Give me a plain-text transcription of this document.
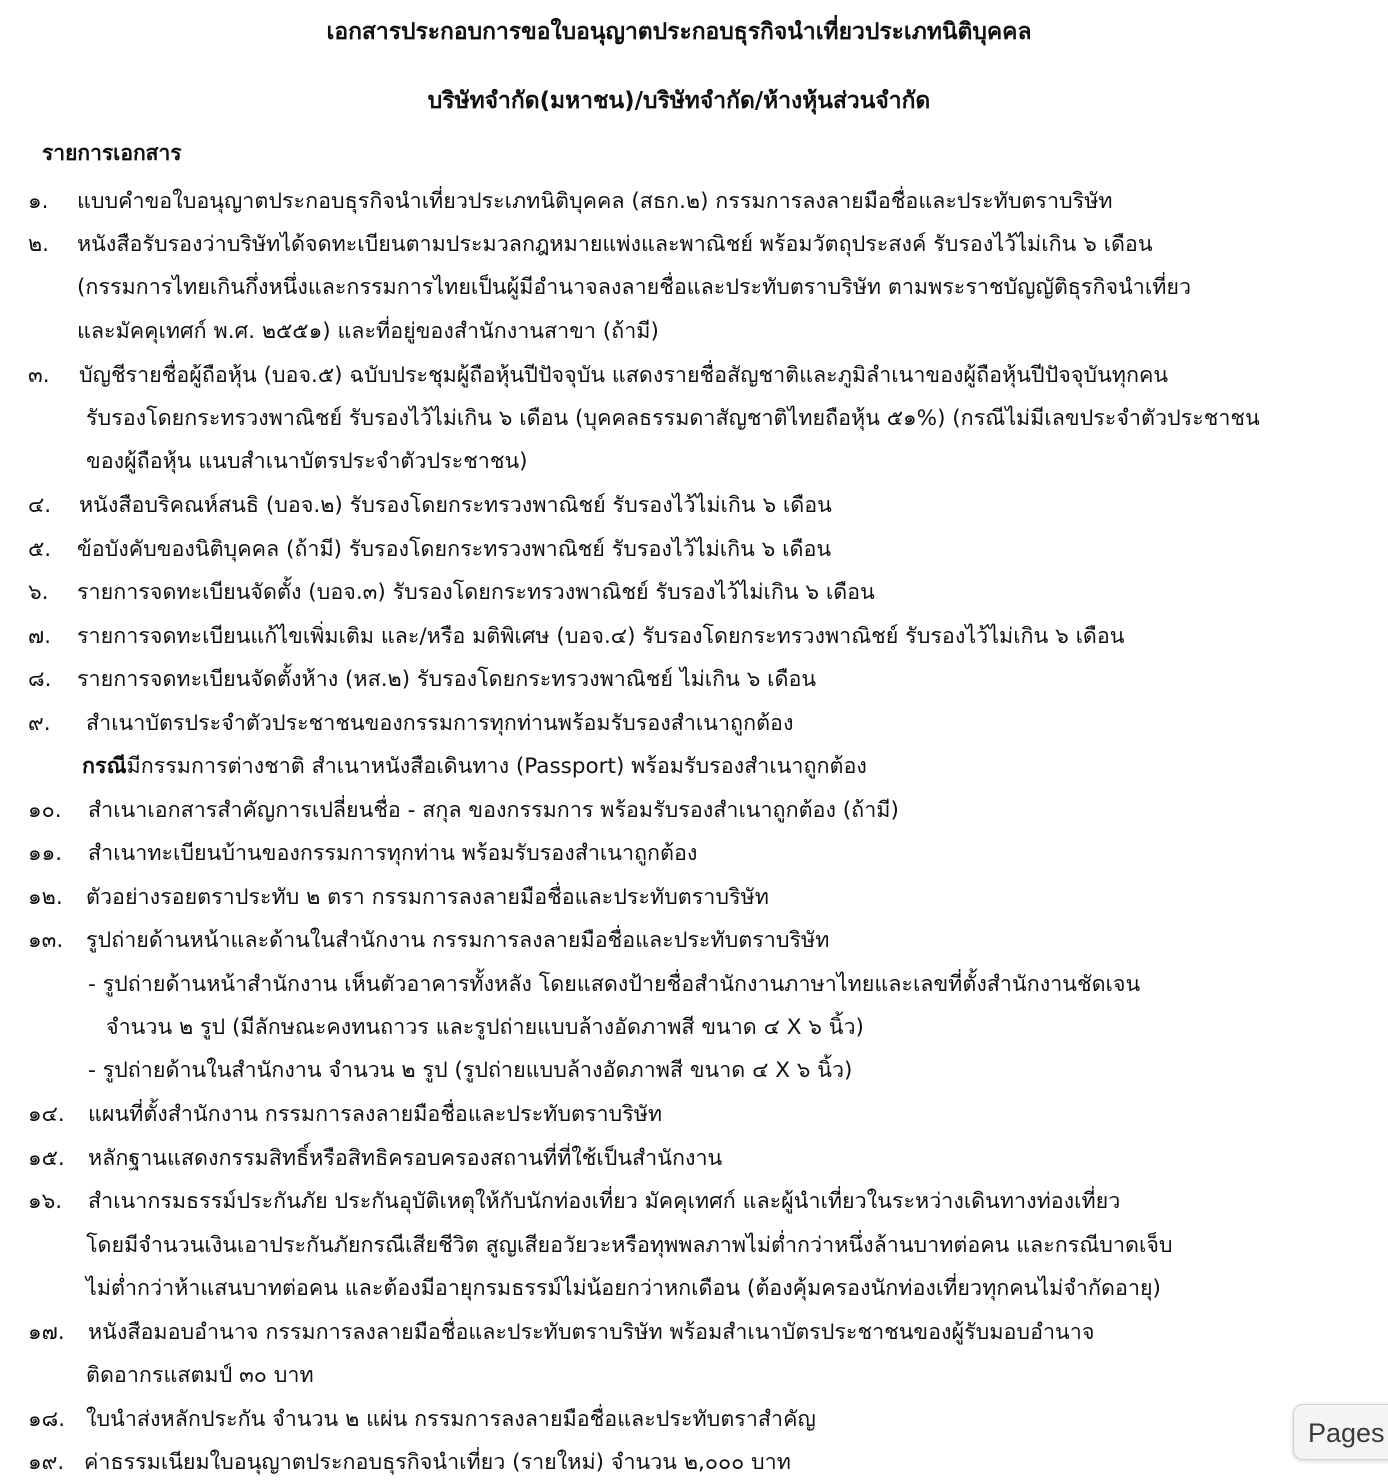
เอกสารประกอบการขอใบอนุญาตประกอบธุรกิจนำเที่ยวประเภทนิติบุคคล
บริษัทจำกัด(มหาชน)/บริษัทจำกัด/ห้างหุ้นส่วนจำกัด
รายการเอกสาร
๑. แบบคำขอใบอนุญาตประกอบธุรกิจนำเที่ยวประเภทนิติบุคคล (สธก.๒) กรรมการลงลายมือชื่อและประทับตราบริษัท
๒. หนังสือรับรองว่าบริษัทได้จดทะเบียนตามประมวลกฎหมายแพ่งและพาณิชย์ พร้อมวัตถุประสงค์ รับรองไว้ไม่เกิน ๖ เดือน
(กรรมการไทยเกินกึ่งหนึ่งและกรรมการไทยเป็นผู้มีอำนาจลงลายชื่อและประทับตราบริษัท ตามพระราชบัญญัติธุรกิจนำเที่ยว
และมัคคุเทศก์ พ.ศ. ๒๕๕๑) และที่อยู่ของสำนักงานสาขา (ถ้ามี)
๓. บัญชีรายชื่อผู้ถือหุ้น (บอจ.๕) ฉบับประชุมผู้ถือหุ้นปีปัจจุบัน แสดงรายชื่อสัญชาติและภูมิลำเนาของผู้ถือหุ้นปีปัจจุบันทุกคน
รับรองโดยกระทรวงพาณิชย์ รับรองไว้ไม่เกิน ๖ เดือน (บุคคลธรรมดาสัญชาติไทยถือหุ้น ๕๑%) (กรณีไม่มีเลขประจำตัวประชาชน
ของผู้ถือหุ้น แนบสำเนาบัตรประจำตัวประชาชน)
๔. หนังสือบริคณห์สนธิ (บอจ.๒) รับรองโดยกระทรวงพาณิชย์ รับรองไว้ไม่เกิน ๖ เดือน
๕. ข้อบังคับของนิติบุคคล (ถ้ามี) รับรองโดยกระทรวงพาณิชย์ รับรองไว้ไม่เกิน ๖ เดือน
๖. รายการจดทะเบียนจัดตั้ง (บอจ.๓) รับรองโดยกระทรวงพาณิชย์ รับรองไว้ไม่เกิน ๖ เดือน
๗. รายการจดทะเบียนแก้ไขเพิ่มเติม และ/หรือ มติพิเศษ (บอจ.๔) รับรองโดยกระทรวงพาณิชย์ รับรองไว้ไม่เกิน ๖ เดือน
๘. รายการจดทะเบียนจัดตั้งห้าง (หส.๒) รับรองโดยกระทรวงพาณิชย์ ไม่เกิน ๖ เดือน
๙. สำเนาบัตรประจำตัวประชาชนของกรรมการทุกท่านพร้อมรับรองสำเนาถูกต้อง
กรณีมีกรรมการต่างชาติ สำเนาหนังสือเดินทาง (Passport) พร้อมรับรองสำเนาถูกต้อง
๑๐. สำเนาเอกสารสำคัญการเปลี่ยนชื่อ - สกุล ของกรรมการ พร้อมรับรองสำเนาถูกต้อง (ถ้ามี)
๑๑. สำเนาทะเบียนบ้านของกรรมการทุกท่าน พร้อมรับรองสำเนาถูกต้อง
๑๒. ตัวอย่างรอยตราประทับ ๒ ตรา กรรมการลงลายมือชื่อและประทับตราบริษัท
๑๓. รูปถ่ายด้านหน้าและด้านในสำนักงาน กรรมการลงลายมือชื่อและประทับตราบริษัท
- รูปถ่ายด้านหน้าสำนักงาน เห็นตัวอาคารทั้งหลัง โดยแสดงป้ายชื่อสำนักงานภาษาไทยและเลขที่ตั้งสำนักงานชัดเจน
จำนวน ๒ รูป (มีลักษณะคงทนถาวร และรูปถ่ายแบบล้างอัดภาพสี ขนาด ๔ X ๖ นิ้ว)
- รูปถ่ายด้านในสำนักงาน จำนวน ๒ รูป (รูปถ่ายแบบล้างอัดภาพสี ขนาด ๔ X ๖ นิ้ว)
๑๔. แผนที่ตั้งสำนักงาน กรรมการลงลายมือชื่อและประทับตราบริษัท
๑๕. หลักฐานแสดงกรรมสิทธิ์หรือสิทธิครอบครองสถานที่ที่ใช้เป็นสำนักงาน
๑๖. สำเนากรมธรรม์ประกันภัย ประกันอุบัติเหตุให้กับนักท่องเที่ยว มัคคุเทศก์ และผู้นำเที่ยวในระหว่างเดินทางท่องเที่ยว
โดยมีจำนวนเงินเอาประกันภัยกรณีเสียชีวิต สูญเสียอวัยวะหรือทุพพลภาพไม่ต่ำกว่าหนึ่งล้านบาทต่อคน และกรณีบาดเจ็บ
ไม่ต่ำกว่าห้าแสนบาทต่อคน และต้องมีอายุกรมธรรม์ไม่น้อยกว่าหกเดือน (ต้องคุ้มครองนักท่องเที่ยวทุกคนไม่จำกัดอายุ)
๑๗. หนังสือมอบอำนาจ กรรมการลงลายมือชื่อและประทับตราบริษัท พร้อมสำเนาบัตรประชาชนของผู้รับมอบอำนาจ
ติดอากรแสตมป์ ๓๐ บาท
๑๘. ใบนำส่งหลักประกัน จำนวน ๒ แผ่น กรรมการลงลายมือชื่อและประทับตราสำคัญ
๑๙. ค่าธรรมเนียมใบอนุญาตประกอบธุรกิจนำเที่ยว (รายใหม่) จำนวน ๒,๐๐๐ บาท
Pages
